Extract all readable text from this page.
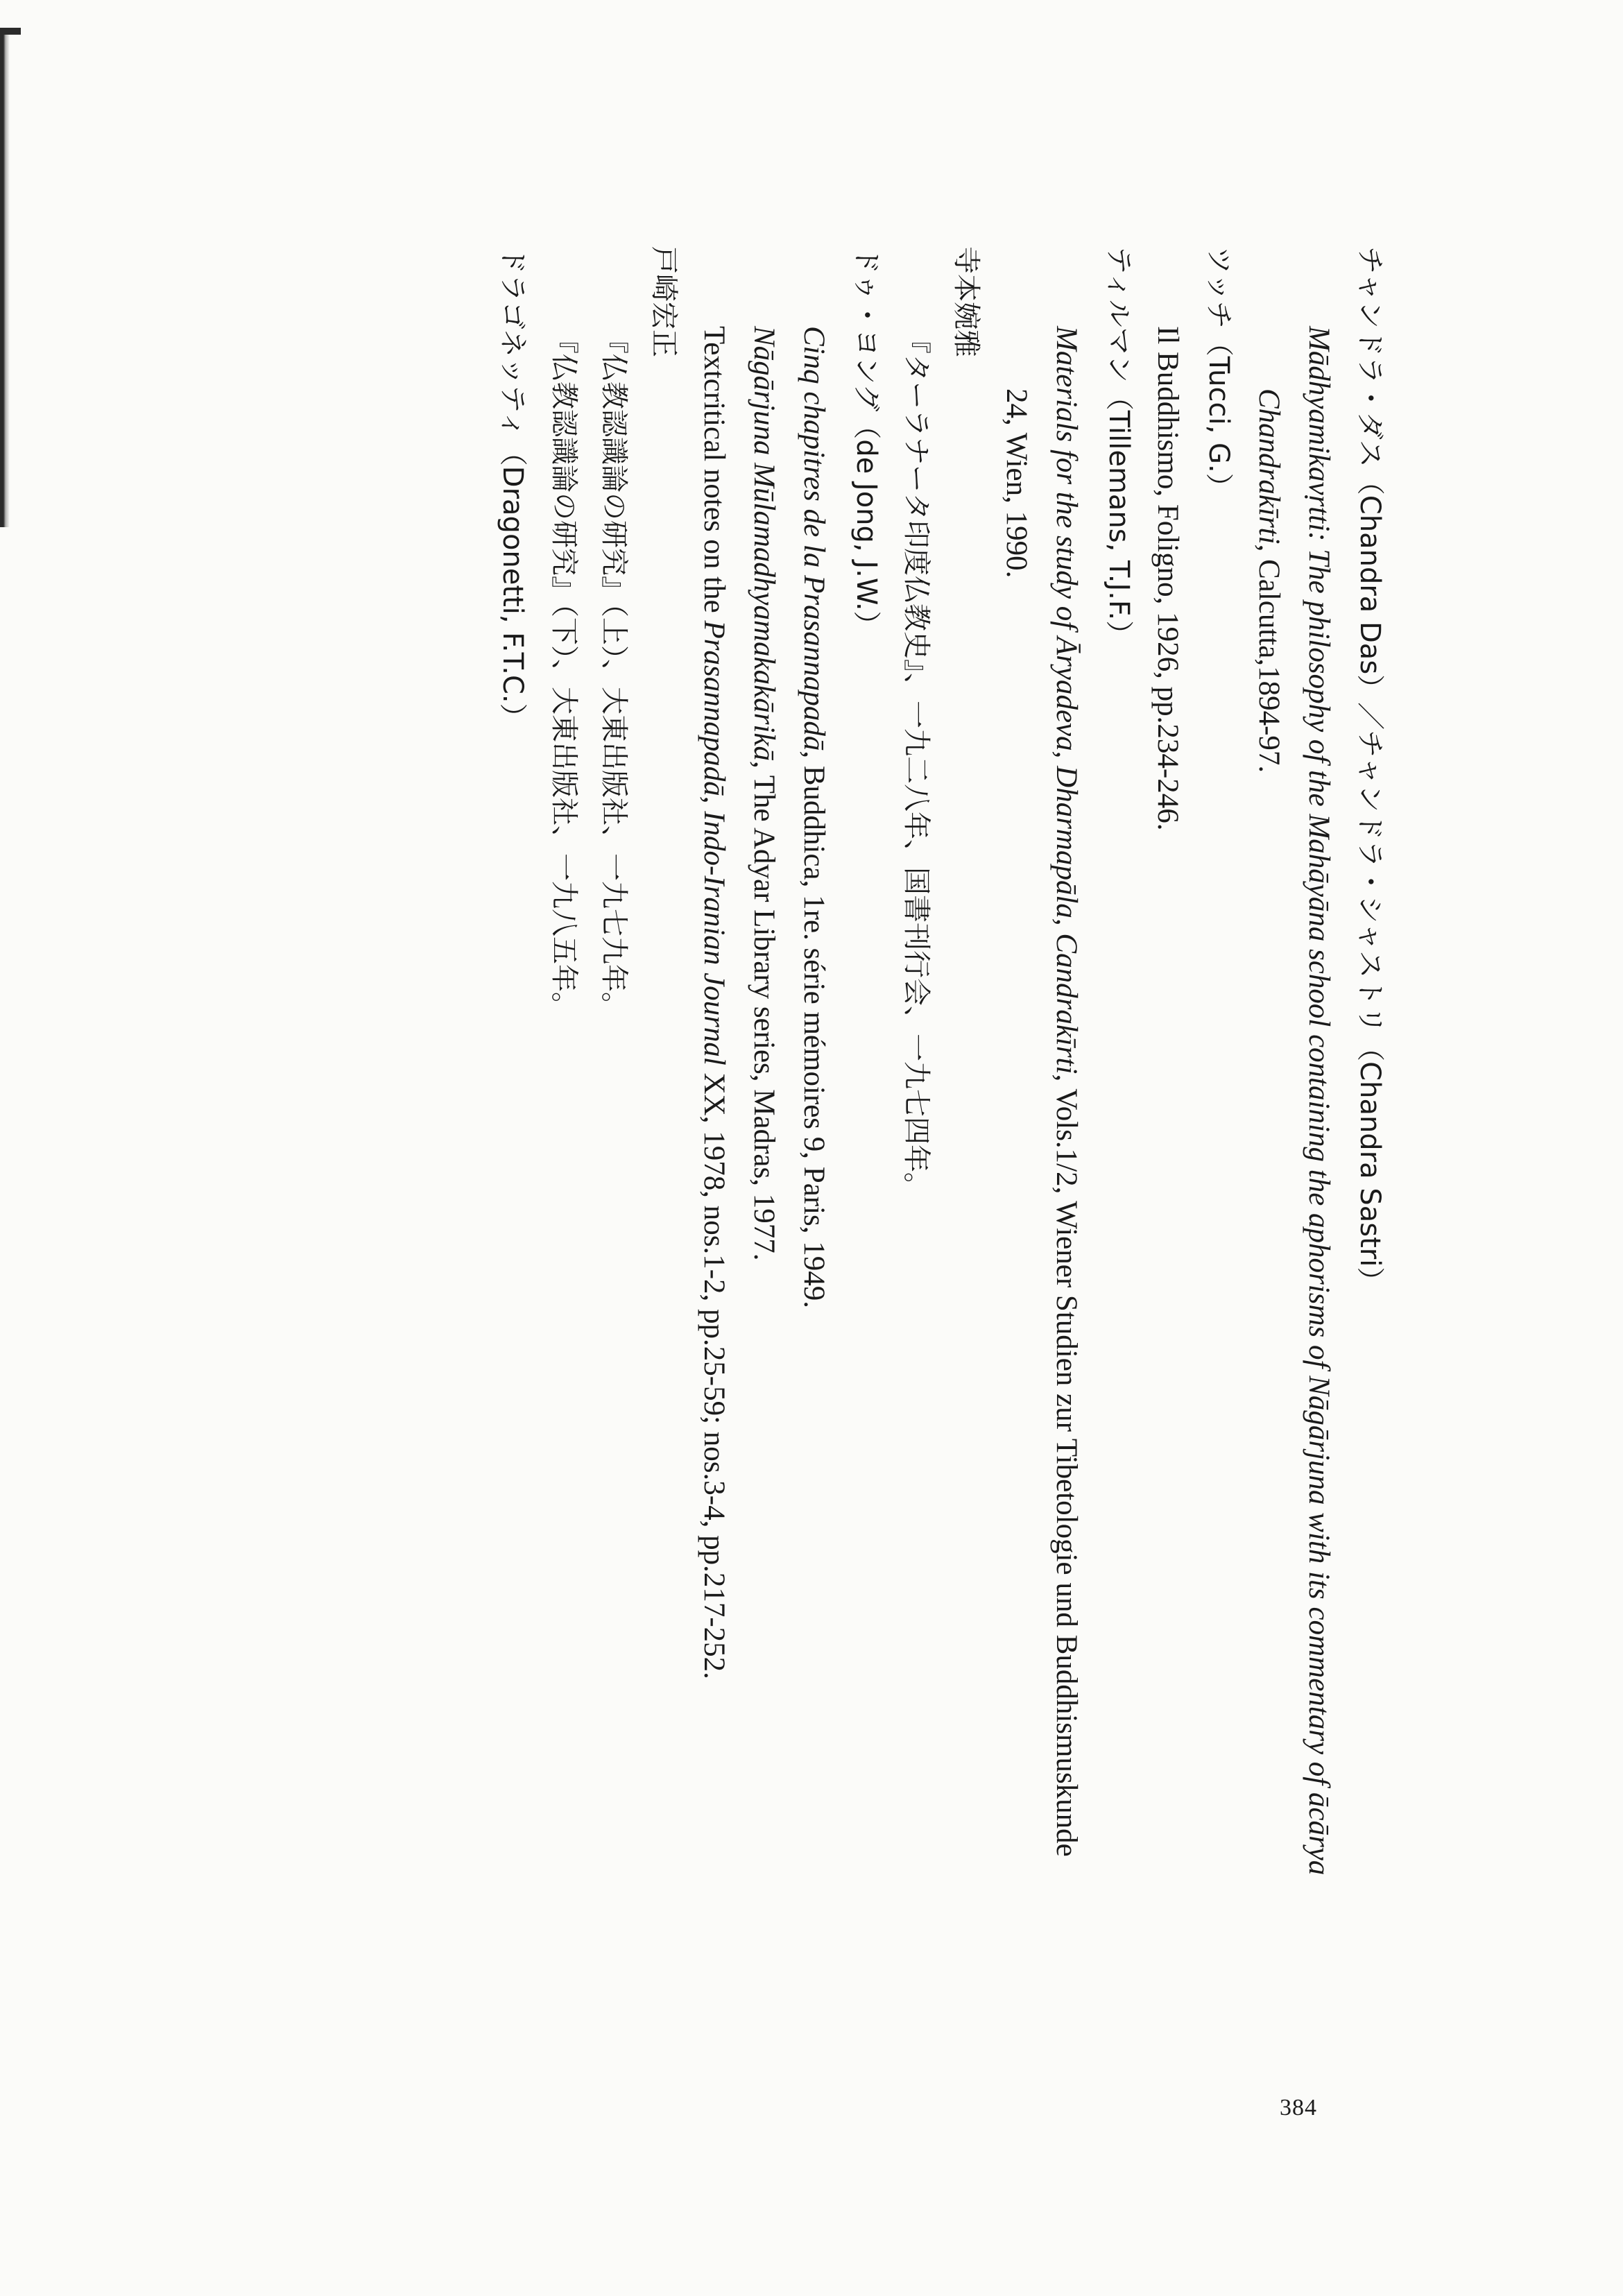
チャンドラ・ダス（Chandra Das）／チャンドラ・シャストリ（Chandra Sastri）
Mādhyamikavṛtti: The philosophy of the Mahāyāna school containing the aphorisms of Nāgārjuna with its commentary of ācārya
Chandrakīrti, Calcutta,1894-97.
ツッチ（Tucci, G.）
Il Buddhismo, Foligno, 1926, pp.234-246.
ティルマン（Tillemans, T.J.F.）
Materials for the study of Āryadeva, Dharmapāla, Candrakīrti, Vols.1/2, Wiener Studien zur Tibetologie und Buddhismuskunde
24, Wien, 1990.
寺本婉雅
『ターラナータ印度仏教史』、一九二八年、国書刊行会、一九七四年。
ドゥ・ヨング（de Jong, J.W.）
Cinq chapitres de la Prasannapadā, Buddhica, 1re. série mémoires 9, Paris, 1949.
Nāgārjuna Mūlamadhyamakakārikā, The Adyar Library series, Madras, 1977.
Textcritical notes on the Prasannapadā, Indo-Iranian Journal XX, 1978, nos.1-2, pp.25-59; nos.3-4, pp.217-252.
戸崎宏正
『仏教認識論の研究』（上）、大東出版社、一九七九年。
『仏教認識論の研究』（下）、大東出版社、一九八五年。
ドラゴネッティ（Dragonetti, F.T.C.）
384
